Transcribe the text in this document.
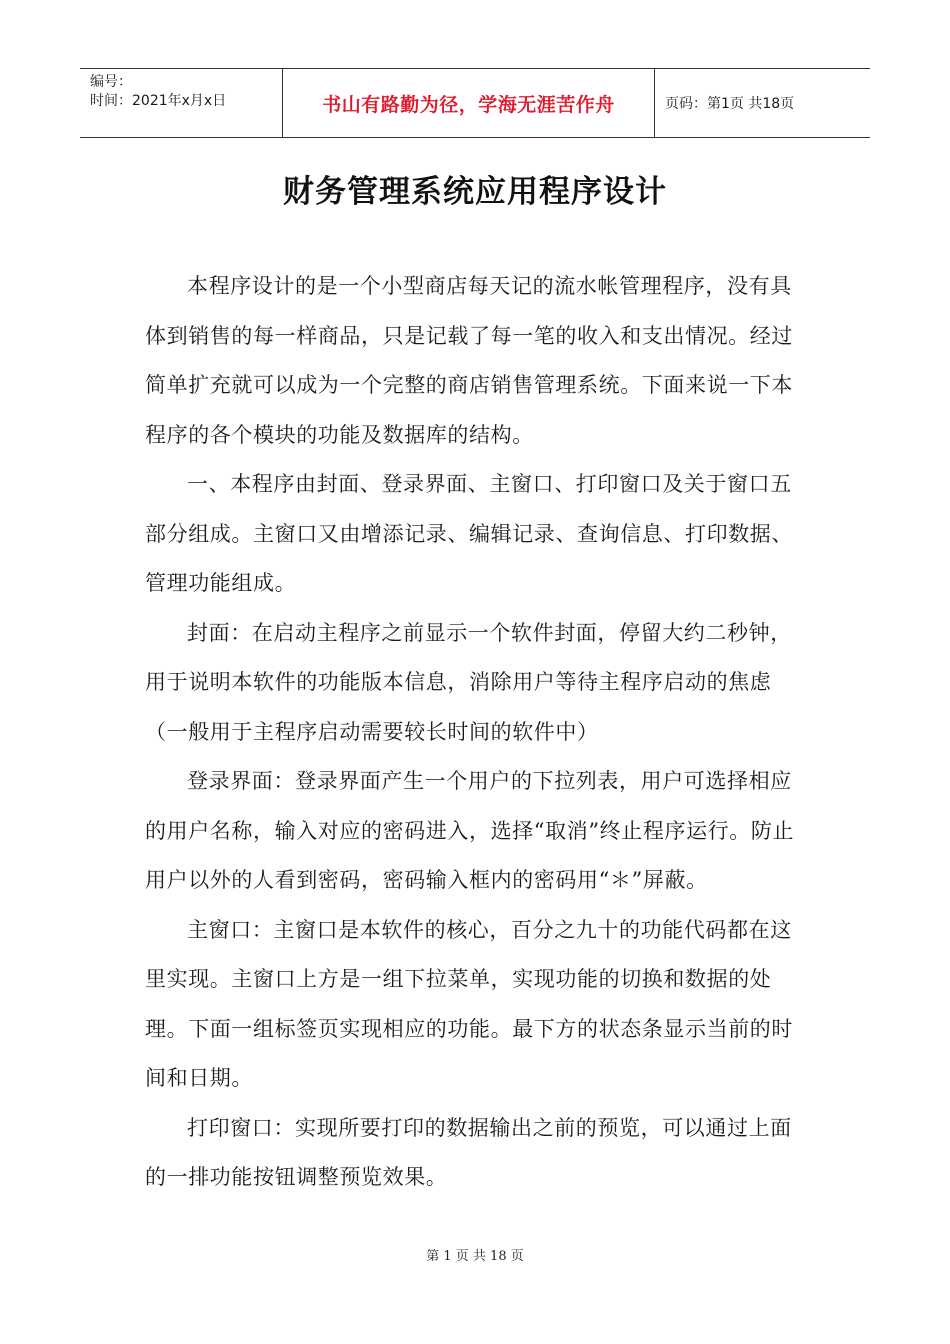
编号：
时间：2021年x月x日	书山有路勤为径，学海无涯苦作舟	页码：第1页 共18页
财务管理系统应用程序设计

本程序设计的是一个小型商店每天记的流水帐管理程序，没有具体到销售的每一样商品，只是记载了每一笔的收入和支出情况。经过简单扩充就可以成为一个完整的商店销售管理系统。下面来说一下本程序的各个模块的功能及数据库的结构。

一、本程序由封面、登录界面、主窗口、打印窗口及关于窗口五部分组成。主窗口又由增添记录、编辑记录、查询信息、打印数据、管理功能组成。

封面：在启动主程序之前显示一个软件封面，停留大约二秒钟，用于说明本软件的功能版本信息，消除用户等待主程序启动的焦虑（一般用于主程序启动需要较长时间的软件中）

登录界面：登录界面产生一个用户的下拉列表，用户可选择相应的用户名称，输入对应的密码进入，选择“取消”终止程序运行。防止用户以外的人看到密码，密码输入框内的密码用“＊”屏蔽。

主窗口：主窗口是本软件的核心，百分之九十的功能代码都在这里实现。主窗口上方是一组下拉菜单，实现功能的切换和数据的处理。下面一组标签页实现相应的功能。最下方的状态条显示当前的时间和日期。

打印窗口：实现所要打印的数据输出之前的预览，可以通过上面的一排功能按钮调整预览效果。

第 1 页 共 18 页
